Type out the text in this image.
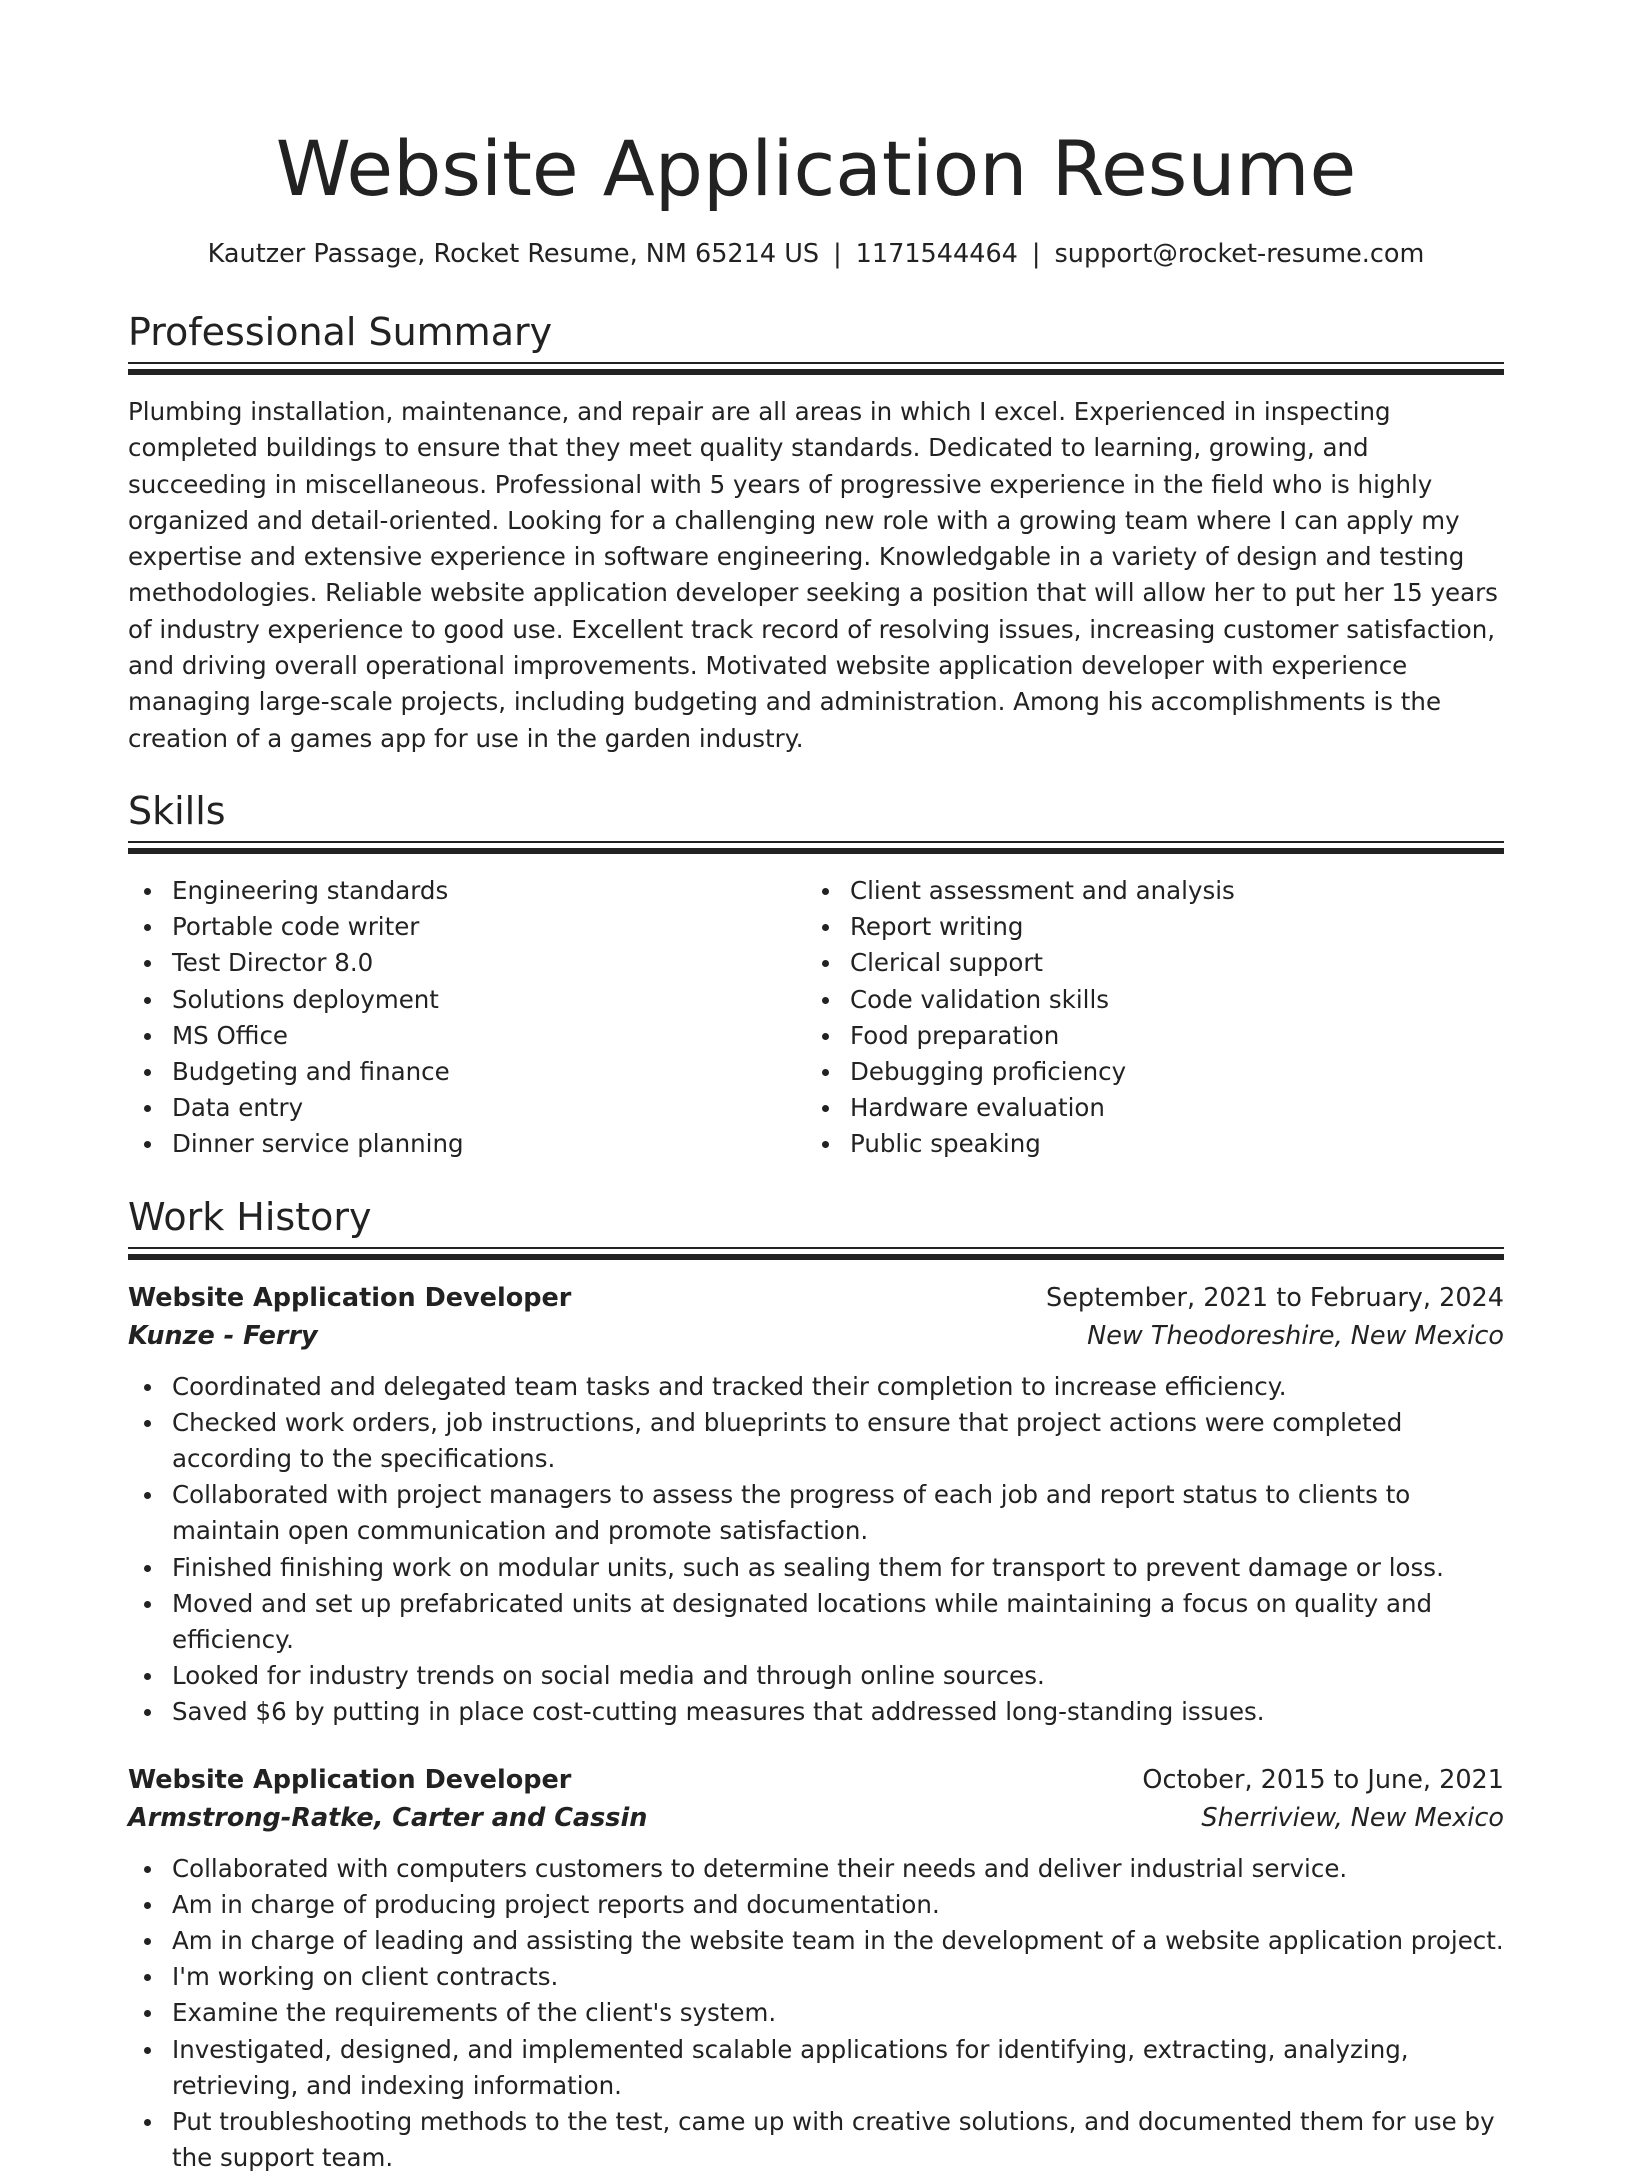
Website Application Resume
Kautzer Passage, Rocket Resume, NM 65214 US | 1171544464 | support@rocket-resume.com
Professional Summary

Plumbing installation, maintenance, and repair are all areas in which I excel. Experienced in inspecting completed buildings to ensure that they meet quality standards. Dedicated to learning, growing, and succeeding in miscellaneous. Professional with 5 years of progressive experience in the field who is highly organized and detail-oriented. Looking for a challenging new role with a growing team where I can apply my expertise and extensive experience in software engineering. Knowledgable in a variety of design and testing methodologies. Reliable website application developer seeking a position that will allow her to put her 15 years of industry experience to good use. Excellent track record of resolving issues, increasing customer satisfaction, and driving overall operational improvements. Motivated website application developer with experience managing large-scale projects, including budgeting and administration. Among his accomplishments is the creation of a games app for use in the garden industry.

Skills
Engineering standards
Portable code writer
Test Director 8.0
Solutions deployment
MS Office
Budgeting and finance
Data entry
Dinner service planning
Client assessment and analysis
Report writing
Clerical support
Code validation skills
Food preparation
Debugging proficiency
Hardware evaluation
Public speaking
Work History
Website Application Developer	September, 2021 to February, 2024
Kunze - Ferry	New Theodoreshire, New Mexico
Coordinated and delegated team tasks and tracked their completion to increase efficiency.
Checked work orders, job instructions, and blueprints to ensure that project actions were completed according to the specifications.
Collaborated with project managers to assess the progress of each job and report status to clients to maintain open communication and promote satisfaction.
Finished finishing work on modular units, such as sealing them for transport to prevent damage or loss.
Moved and set up prefabricated units at designated locations while maintaining a focus on quality and efficiency.
Looked for industry trends on social media and through online sources.
Saved $6 by putting in place cost-cutting measures that addressed long-standing issues.
Website Application Developer	October, 2015 to June, 2021
Armstrong-Ratke, Carter and Cassin	Sherriview, New Mexico
Collaborated with computers customers to determine their needs and deliver industrial service.
Am in charge of producing project reports and documentation.
Am in charge of leading and assisting the website team in the development of a website application project.
I'm working on client contracts.
Examine the requirements of the client's system.
Investigated, designed, and implemented scalable applications for identifying, extracting, analyzing, retrieving, and indexing information.
Put troubleshooting methods to the test, came up with creative solutions, and documented them for use by the support team.
